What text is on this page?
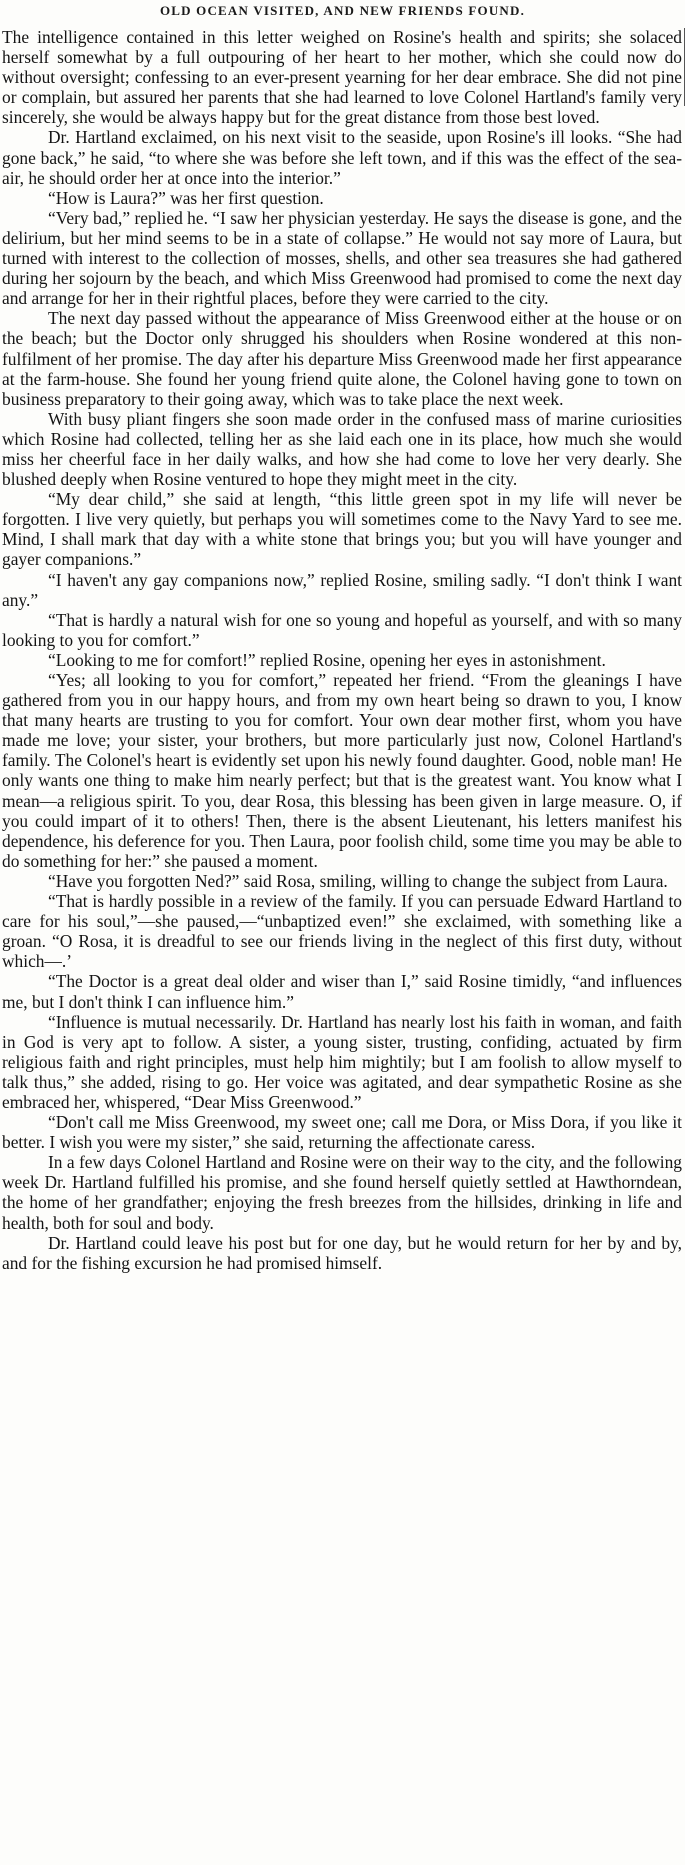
OLD OCEAN VISITED, AND NEW FRIENDS FOUND.

The intelligence contained in this letter weighed on Rosine's health and spirits; she solaced herself somewhat by a full outpouring of her heart to her mother, which she could now do without oversight; confessing to an ever-present yearning for her dear embrace. She did not pine or complain, but assured her parents that she had learned to love Colonel Hartland's family very sincerely, she would be always happy but for the great distance from those best loved.

Dr. Hartland exclaimed, on his next visit to the seaside, upon Rosine's ill looks. “She had gone back,” he said, “to where she was before she left town, and if this was the effect of the sea-air, he should order her at once into the interior.”

“How is Laura?” was her first question.

“Very bad,” replied he. “I saw her physician yesterday. He says the disease is gone, and the delirium, but her mind seems to be in a state of collapse.” He would not say more of Laura, but turned with interest to the collection of mosses, shells, and other sea treasures she had gathered during her sojourn by the beach, and which Miss Greenwood had promised to come the next day and arrange for her in their rightful places, before they were carried to the city.

The next day passed without the appearance of Miss Greenwood either at the house or on the beach; but the Doctor only shrugged his shoulders when Rosine wondered at this non-fulfilment of her promise. The day after his departure Miss Greenwood made her first appearance at the farm-house. She found her young friend quite alone, the Colonel having gone to town on business preparatory to their going away, which was to take place the next week.

With busy pliant fingers she soon made order in the confused mass of marine curiosities which Rosine had collected, telling her as she laid each one in its place, how much she would miss her cheerful face in her daily walks, and how she had come to love her very dearly. She blushed deeply when Rosine ventured to hope they might meet in the city.

“My dear child,” she said at length, “this little green spot in my life will never be forgotten. I live very quietly, but perhaps you will sometimes come to the Navy Yard to see me. Mind, I shall mark that day with a white stone that brings you; but you will have younger and gayer companions.”

“I haven't any gay companions now,” replied Rosine, smiling sadly. “I don't think I want any.”

“That is hardly a natural wish for one so young and hopeful as yourself, and with so many looking to you for comfort.”

“Looking to me for comfort!” replied Rosine, opening her eyes in astonishment.

“Yes; all looking to you for comfort,” repeated her friend. “From the gleanings I have gathered from you in our happy hours, and from my own heart being so drawn to you, I know that many hearts are trusting to you for comfort. Your own dear mother first, whom you have made me love; your sister, your brothers, but more particularly just now, Colonel Hartland's family. The Colonel's heart is evidently set upon his newly found daughter. Good, noble man! He only wants one thing to make him nearly perfect; but that is the greatest want. You know what I mean—a religious spirit. To you, dear Rosa, this blessing has been given in large measure. O, if you could impart of it to others! Then, there is the absent Lieutenant, his letters manifest his dependence, his deference for you. Then Laura, poor foolish child, some time you may be able to do something for her:” she paused a moment.

“Have you forgotten Ned?” said Rosa, smiling, willing to change the subject from Laura.

“That is hardly possible in a review of the family. If you can persuade Edward Hartland to care for his soul,”—she paused,—“unbaptized even!” she exclaimed, with something like a groan. “O Rosa, it is dreadful to see our friends living in the neglect of this first duty, without which—.’

“The Doctor is a great deal older and wiser than I,” said Rosine timidly, “and influences me, but I don't think I can influence him.”

“Influence is mutual necessarily. Dr. Hartland has nearly lost his faith in woman, and faith in God is very apt to follow. A sister, a young sister, trusting, confiding, actuated by firm religious faith and right principles, must help him mightily; but I am foolish to allow myself to talk thus,” she added, rising to go. Her voice was agitated, and dear sympathetic Rosine as she embraced her, whispered, “Dear Miss Greenwood.”

“Don't call me Miss Greenwood, my sweet one; call me Dora, or Miss Dora, if you like it better. I wish you were my sister,” she said, returning the affectionate caress.

In a few days Colonel Hartland and Rosine were on their way to the city, and the following week Dr. Hartland fulfilled his promise, and she found herself quietly settled at Hawthorndean, the home of her grandfather; enjoying the fresh breezes from the hillsides, drinking in life and health, both for soul and body.

Dr. Hartland could leave his post but for one day, but he would return for her by and by, and for the fishing excursion he had promised himself.
